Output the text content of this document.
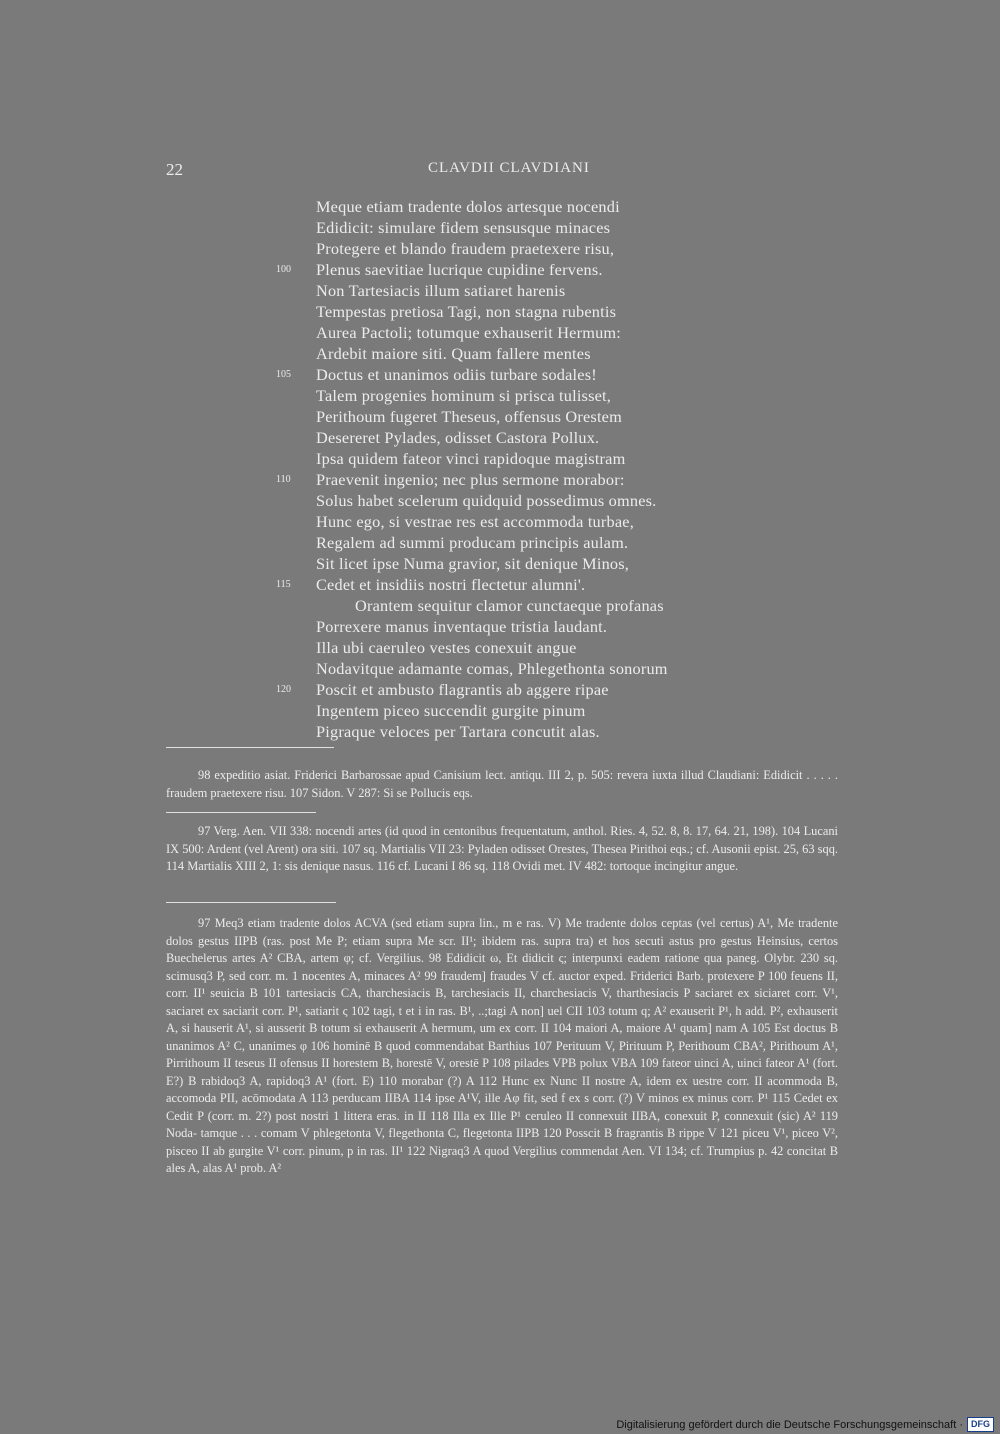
22	CLAVDII CLAVDIANI
Meque etiam tradente dolos artesque nocendi
Edidicit: simulare fidem sensusque minaces
Protegere et blando fraudem praetexere risu,
Plenus saevitiae lucrique cupidine fervens.
100
Non Tartesiacis illum satiaret harenis
Tempestas pretiosa Tagi, non stagna rubentis
Aurea Pactoli; totumque exhauserit Hermum:
Ardebit maiore siti. Quam fallere mentes
Doctus et unanimos odiis turbare sodales!
105
Talem progenies hominum si prisca tulisset,
Perithoum fugeret Theseus, offensus Orestem
Desereret Pylades, odisset Castora Pollux.
Ipsa quidem fateor vinci rapidoque magistram
Praevenit ingenio; nec plus sermone morabor:
110
Solus habet scelerum quidquid possedimus omnes.
Hunc ego, si vestrae res est accommoda turbae,
Regalem ad summi producam principis aulam.
Sit licet ipse Numa gravior, sit denique Minos,
Cedet et insidiis nostri flectetur alumni'.
115
Orantem sequitur clamor cunctaeque profanas
Porrexere manus inventaque tristia laudant.
Illa ubi caeruleo vestes conexuit angue
Nodavitque adamante comas, Phlegethonta sonorum
Poscit et ambusto flagrantis ab aggere ripae
120
Ingentem piceo succendit gurgite pinum
Pigraque veloces per Tartara concutit alas.

98 expeditio asiat. Friderici Barbarossae apud Canisium lect. antiqu. III 2, p. 505: revera iuxta illud Claudiani: Edidicit . . . . . fraudem praetexere risu. 107 Sidon. V 287: Si se Pollucis eqs.

97 Verg. Aen. VII 338: nocendi artes (id quod in centonibus frequentatum, anthol. Ries. 4, 52. 8, 8. 17, 64. 21, 198). 104 Lucani IX 500: Ardent (vel Arent) ora siti. 107 sq. Martialis VII 23: Pyladen odisset Orestes, Thesea Pirithoi eqs.; cf. Ausonii epist. 25, 63 sqq. 114 Martialis XIII 2, 1: sis denique nasus. 116 cf. Lucani I 86 sq. 118 Ovidi met. IV 482: tortoque incingitur angue.

97 Meq3 etiam tradente dolos ACVA (sed etiam supra lin., m e ras. V) Me tradente dolos ceptas (vel certus) A¹, Me tradente dolos gestus IIPB (ras. post Me P; etiam supra Me scr. II¹; ibidem ras. supra tra) et hos secuti astus pro gestus Heinsius, certos Buechelerus artes A² CBA, artem φ; cf. Vergilius. 98 Edidicit ω, Et didicit ς; interpunxi eadem ratione qua paneg. Olybr. 230 sq. scimusq3 P, sed corr. m. 1 nocentes A, minaces A² 99 fraudem] fraudes V cf. auctor exped. Friderici Barb. protexere P 100 feuens II, corr. II¹ seuicia B 101 tartesiacis CA, tharchesiacis B, tarchesiacis II, charchesiacis V, tharthesiacis P saciaret ex siciaret corr. V¹, saciaret ex saciarit corr. P¹, satiarit ς 102 tagi, t et i in ras. B¹, ..;tagi A non] uel CII 103 totum q; A² exauserit P¹, h add. P², exhauserit A, si hauserit A¹, si ausserit B totum si exhauserit A hermum, um ex corr. II 104 maiori A, maiore A¹ quam] nam A 105 Est doctus B unanimos A² C, unanimes φ 106 hominē B quod commendabat Barthius 107 Perituum V, Pirituum P, Perithoum CBA², Pirithoum A¹, Pirrithoum II teseus II ofensus II horestem B, horestē V, orestē P 108 pilades VPB polux VBA 109 fateor uinci A, uinci fateor A¹ (fort. E?) B rabidoq3 A, rapidoq3 A¹ (fort. E) 110 morabar (?) A 112 Hunc ex Nunc II nostre A, idem ex uestre corr. II acommoda B, accomoda PII, acōmodata A 113 perducam IIBA 114 ipse A¹V, ille Aφ fit, sed f ex s corr. (?) V minos ex minus corr. P¹ 115 Cedet ex Cedit P (corr. m. 2?) post nostri 1 littera eras. in II 118 Illa ex Ille P¹ ceruleo II connexuit IIBA, conexuit P, connexuit (sic) A² 119 Noda- tamque . . . comam V phlegetonta V, flegethonta C, flegetonta IIPB 120 Posscit B fragrantis B rippe V 121 piceu V¹, piceo V², pisceo II ab gurgite V¹ corr. pinum, p in ras. II¹ 122 Nigraq3 A quod Vergilius commendat Aen. VI 134; cf. Trumpius p. 42 concitat B ales A, alas A¹ prob. A²

Digitalisierung gefördert durch die Deutsche Forschungsgemeinschaft · DFG
